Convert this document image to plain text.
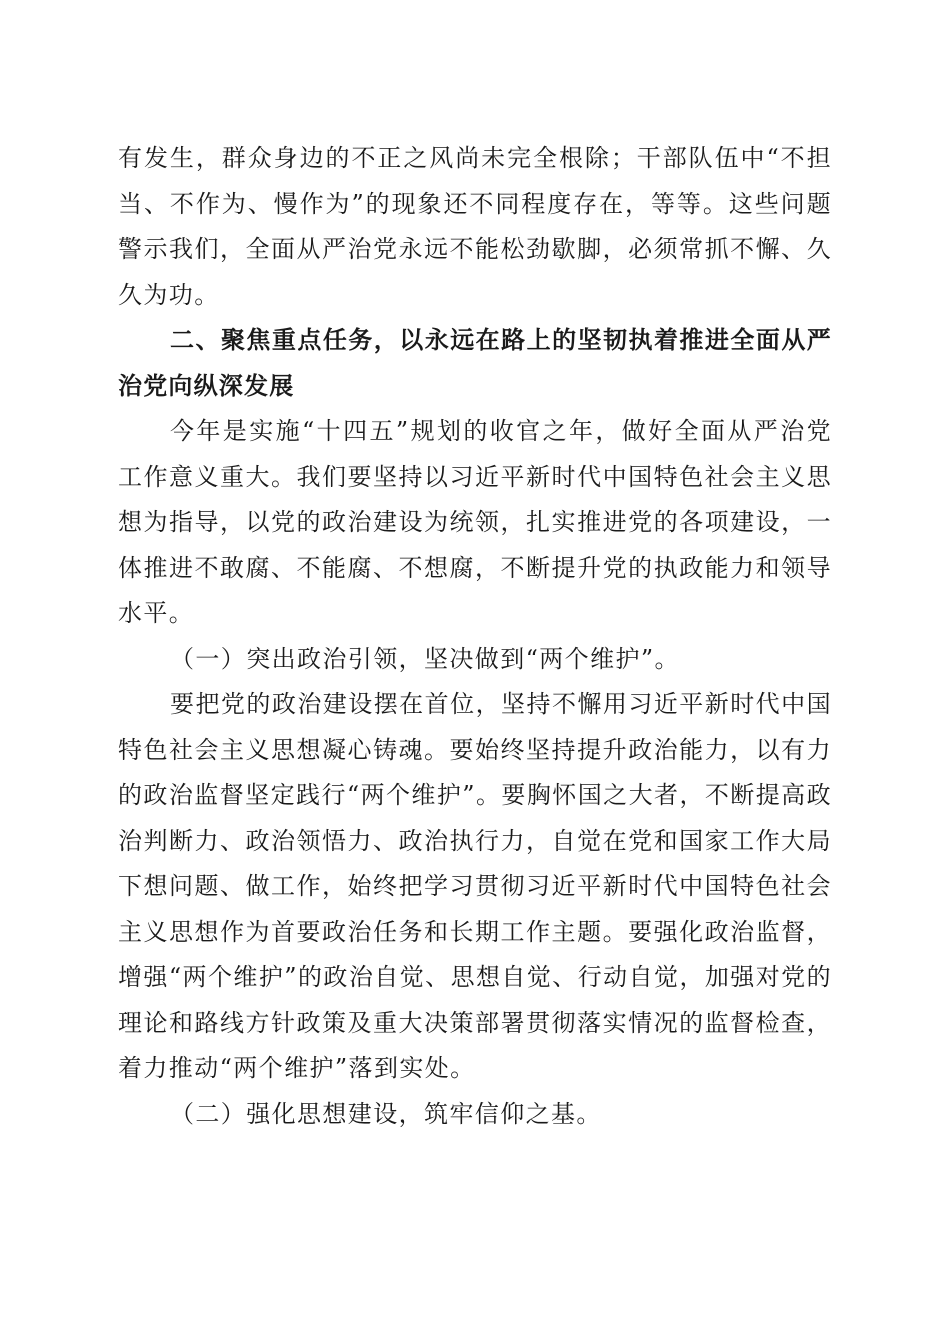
有发生，群众身边的不正之风尚未完全根除；干部队伍中“不担当、不作为、慢作为”的现象还不同程度存在，等等。这些问题警示我们，全面从严治党永远不能松劲歇脚，必须常抓不懈、久久为功。

二、聚焦重点任务，以永远在路上的坚韧执着推进全面从严治党向纵深发展

今年是实施“十四五”规划的收官之年，做好全面从严治党工作意义重大。我们要坚持以习近平新时代中国特色社会主义思想为指导，以党的政治建设为统领，扎实推进党的各项建设，一体推进不敢腐、不能腐、不想腐，不断提升党的执政能力和领导水平。

（一）突出政治引领，坚决做到“两个维护”。

要把党的政治建设摆在首位，坚持不懈用习近平新时代中国特色社会主义思想凝心铸魂。要始终坚持提升政治能力，以有力的政治监督坚定践行“两个维护”。要胸怀国之大者，不断提高政治判断力、政治领悟力、政治执行力，自觉在党和国家工作大局下想问题、做工作，始终把学习贯彻习近平新时代中国特色社会主义思想作为首要政治任务和长期工作主题。要强化政治监督，增强“两个维护”的政治自觉、思想自觉、行动自觉，加强对党的理论和路线方针政策及重大决策部署贯彻落实情况的监督检查，着力推动“两个维护”落到实处。

（二）强化思想建设，筑牢信仰之基。
